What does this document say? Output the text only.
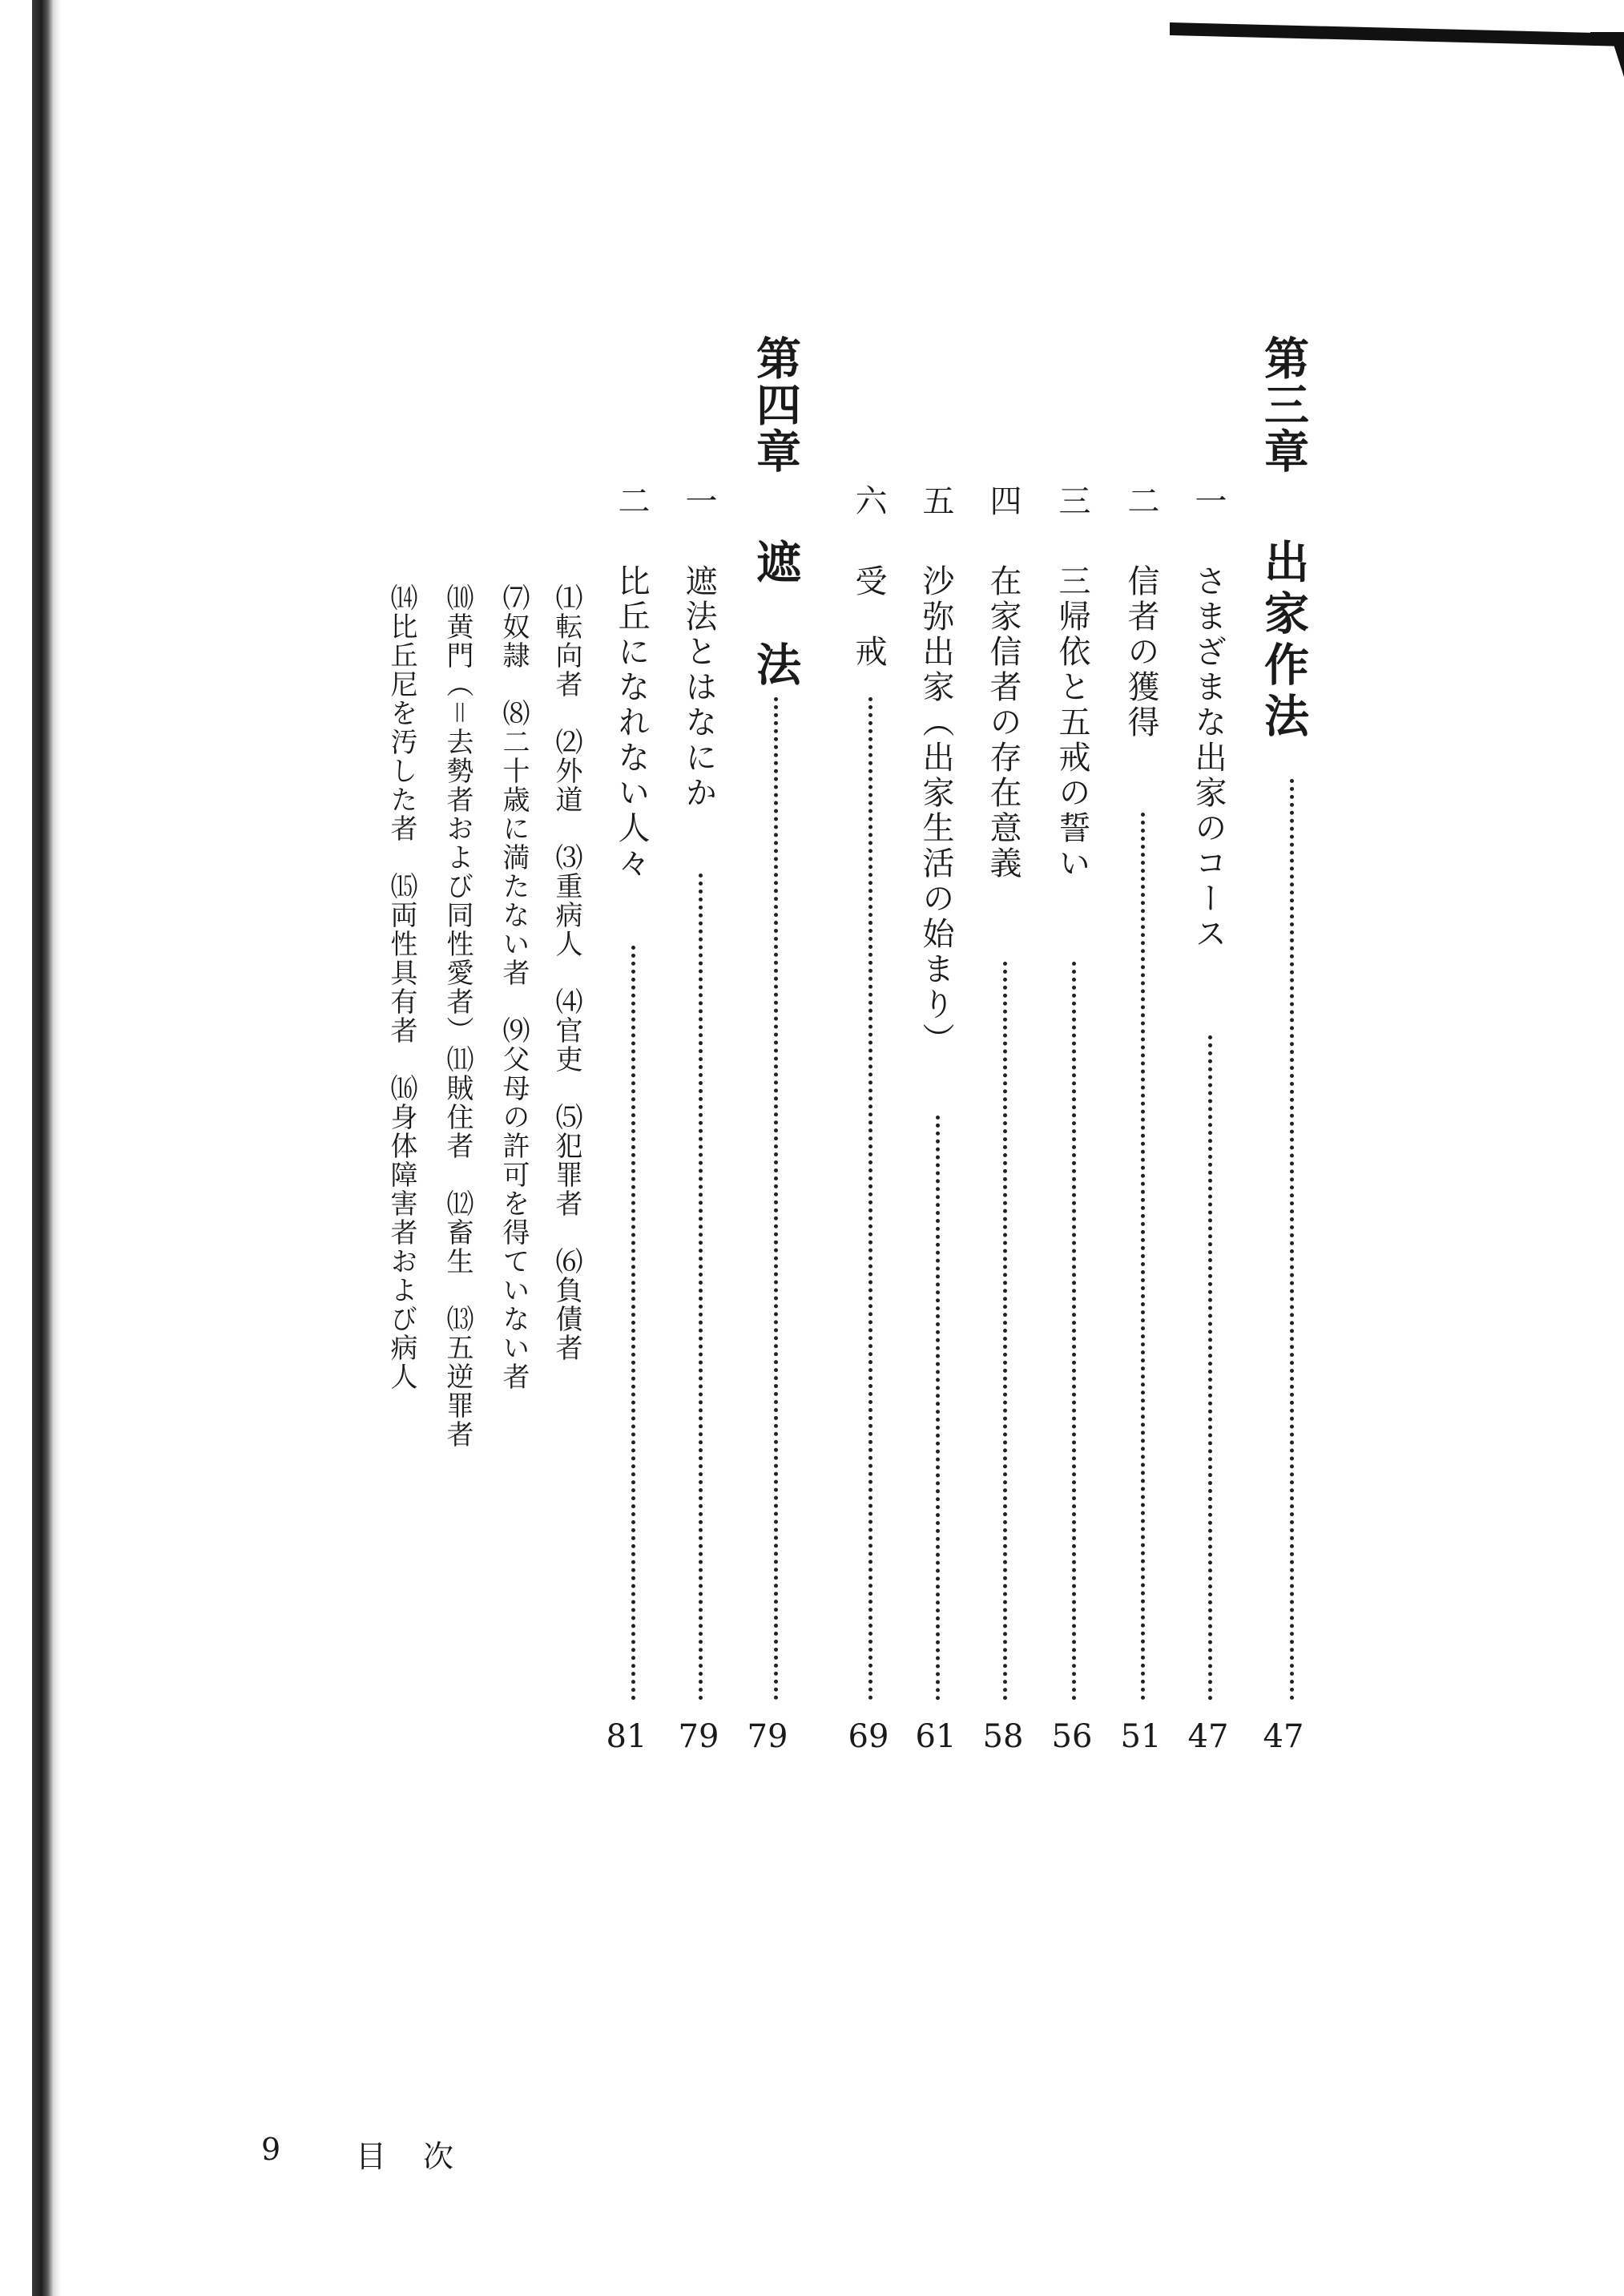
第三章
出家作法
47
一
さまざまな出家のコース
47
二
信者の獲得
51
三
三帰依と五戒の誓い
56
四
在家信者の存在意義
58
五
沙弥出家（出家生活の始まり）
61
六
受　戒
69
第四章
遮　法
79
一
遮法とはなにか
79
二
比丘になれない人々
81
⑴転向者　⑵外道　⑶重病人　⑷官吏　⑸犯罪者　⑹負債者
⑺奴隷　⑻二十歳に満たない者　⑼父母の許可を得ていない者
⑽黄門（＝去勢者および同性愛者）⑾賊住者　⑿畜生　⒀五逆罪者
⒁比丘尼を汚した者　⒂両性具有者　⒃身体障害者および病人
9 目　次
